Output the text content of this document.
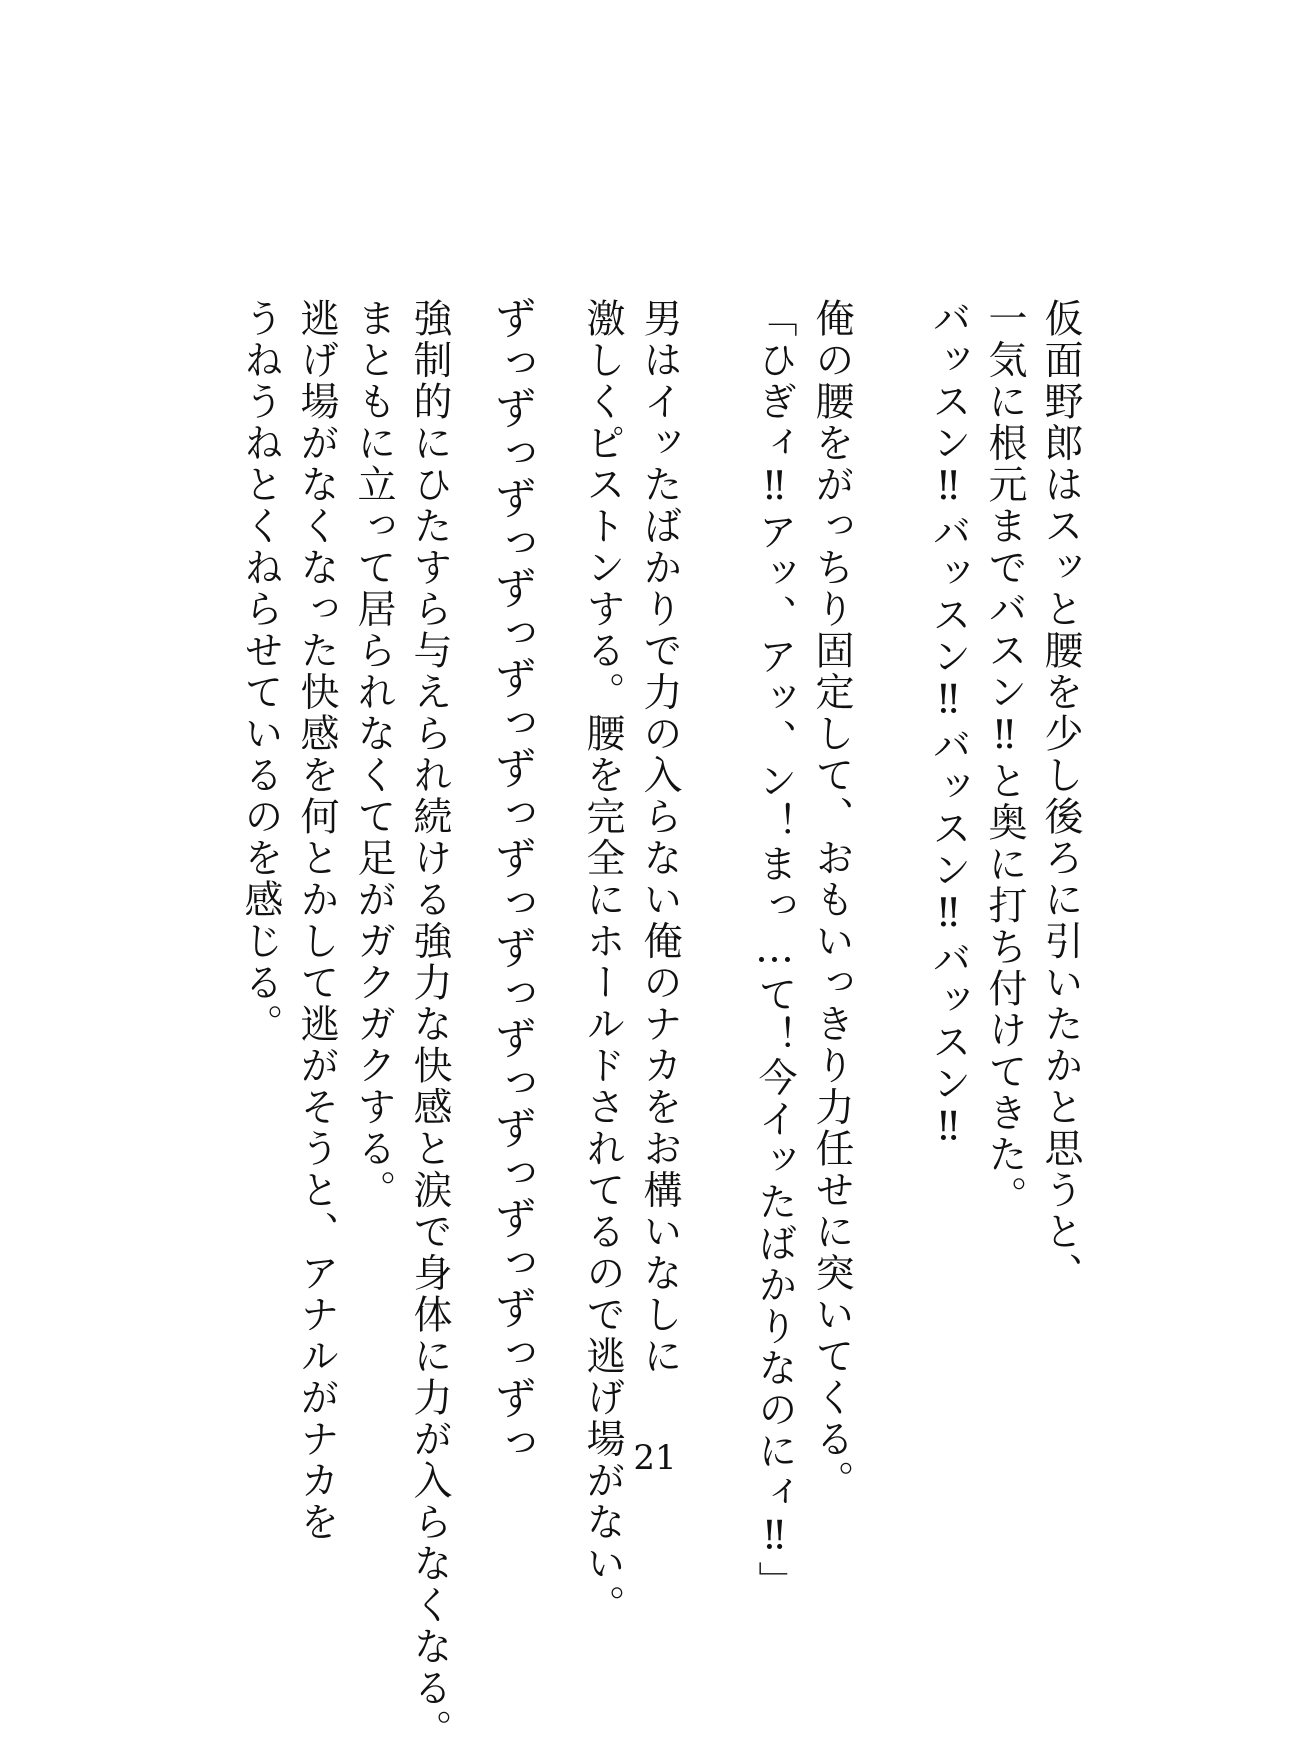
仮面野郎はスッと腰を少し後ろに引いたかと思うと、
一気に根元までバスン‼と奥に打ち付けてきた。
バッスン‼バッスン‼バッスン‼バッスン‼
俺の腰をがっちり固定して、おもいっきり力任せに突いてくる。
「ひぎィ‼アッ、アッ、ン！まっ…て！今イッたばかりなのにィ‼」
男はイッたばかりで力の入らない俺のナカをお構いなしに
激しくピストンする。腰を完全にホールドされてるので逃げ場がない。
ずっずっずっずっずっずっずっずっずっずっずっずっずっ
強制的にひたすら与えられ続ける強力な快感と涙で身体に力が入らなくなる。
まともに立って居られなくて足がガクガクする。
逃げ場がなくなった快感を何とかして逃がそうと、アナルがナカを
うねうねとくねらせているのを感じる。
21
